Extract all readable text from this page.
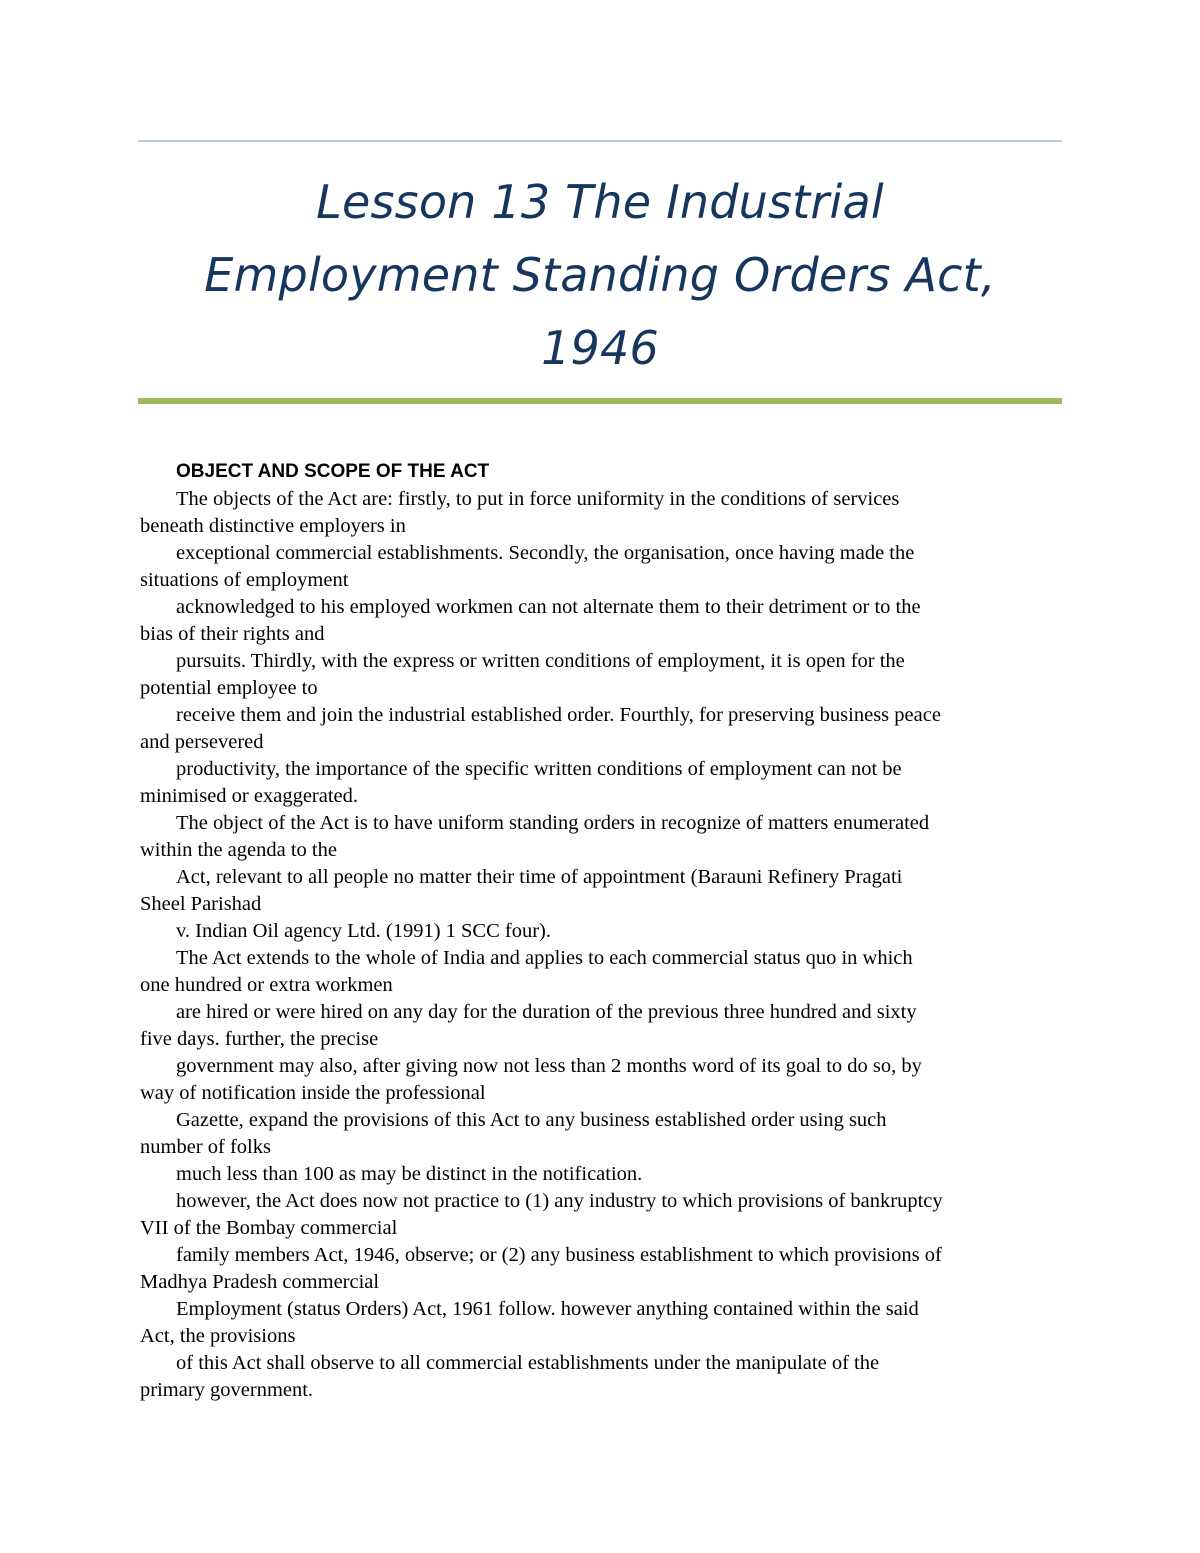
Lesson 13 The Industrial
Employment Standing Orders Act,
1946
OBJECT AND SCOPE OF THE ACT
The objects of the Act are: firstly, to put in force uniformity in the conditions of services
beneath distinctive employers in
exceptional commercial establishments. Secondly, the organisation, once having made the
situations of employment
acknowledged to his employed workmen can not alternate them to their detriment or to the
bias of their rights and
pursuits. Thirdly, with the express or written conditions of employment, it is open for the
potential employee to
receive them and join the industrial established order. Fourthly, for preserving business peace
and persevered
productivity, the importance of the specific written conditions of employment can not be
minimised or exaggerated.
The object of the Act is to have uniform standing orders in recognize of matters enumerated
within the agenda to the
Act, relevant to all people no matter their time of appointment (Barauni Refinery Pragati
Sheel Parishad
v. Indian Oil agency Ltd. (1991) 1 SCC four).
The Act extends to the whole of India and applies to each commercial status quo in which
one hundred or extra workmen
are hired or were hired on any day for the duration of the previous three hundred and sixty
five days. further, the precise
government may also, after giving now not less than 2 months word of its goal to do so, by
way of notification inside the professional
Gazette, expand the provisions of this Act to any business established order using such
number of folks
much less than 100 as may be distinct in the notification.
however, the Act does now not practice to (1) any industry to which provisions of bankruptcy
VII of the Bombay commercial
family members Act, 1946, observe; or (2) any business establishment to which provisions of
Madhya Pradesh commercial
Employment (status Orders) Act, 1961 follow. however anything contained within the said
Act, the provisions
of this Act shall observe to all commercial establishments under the manipulate of the
primary government.
